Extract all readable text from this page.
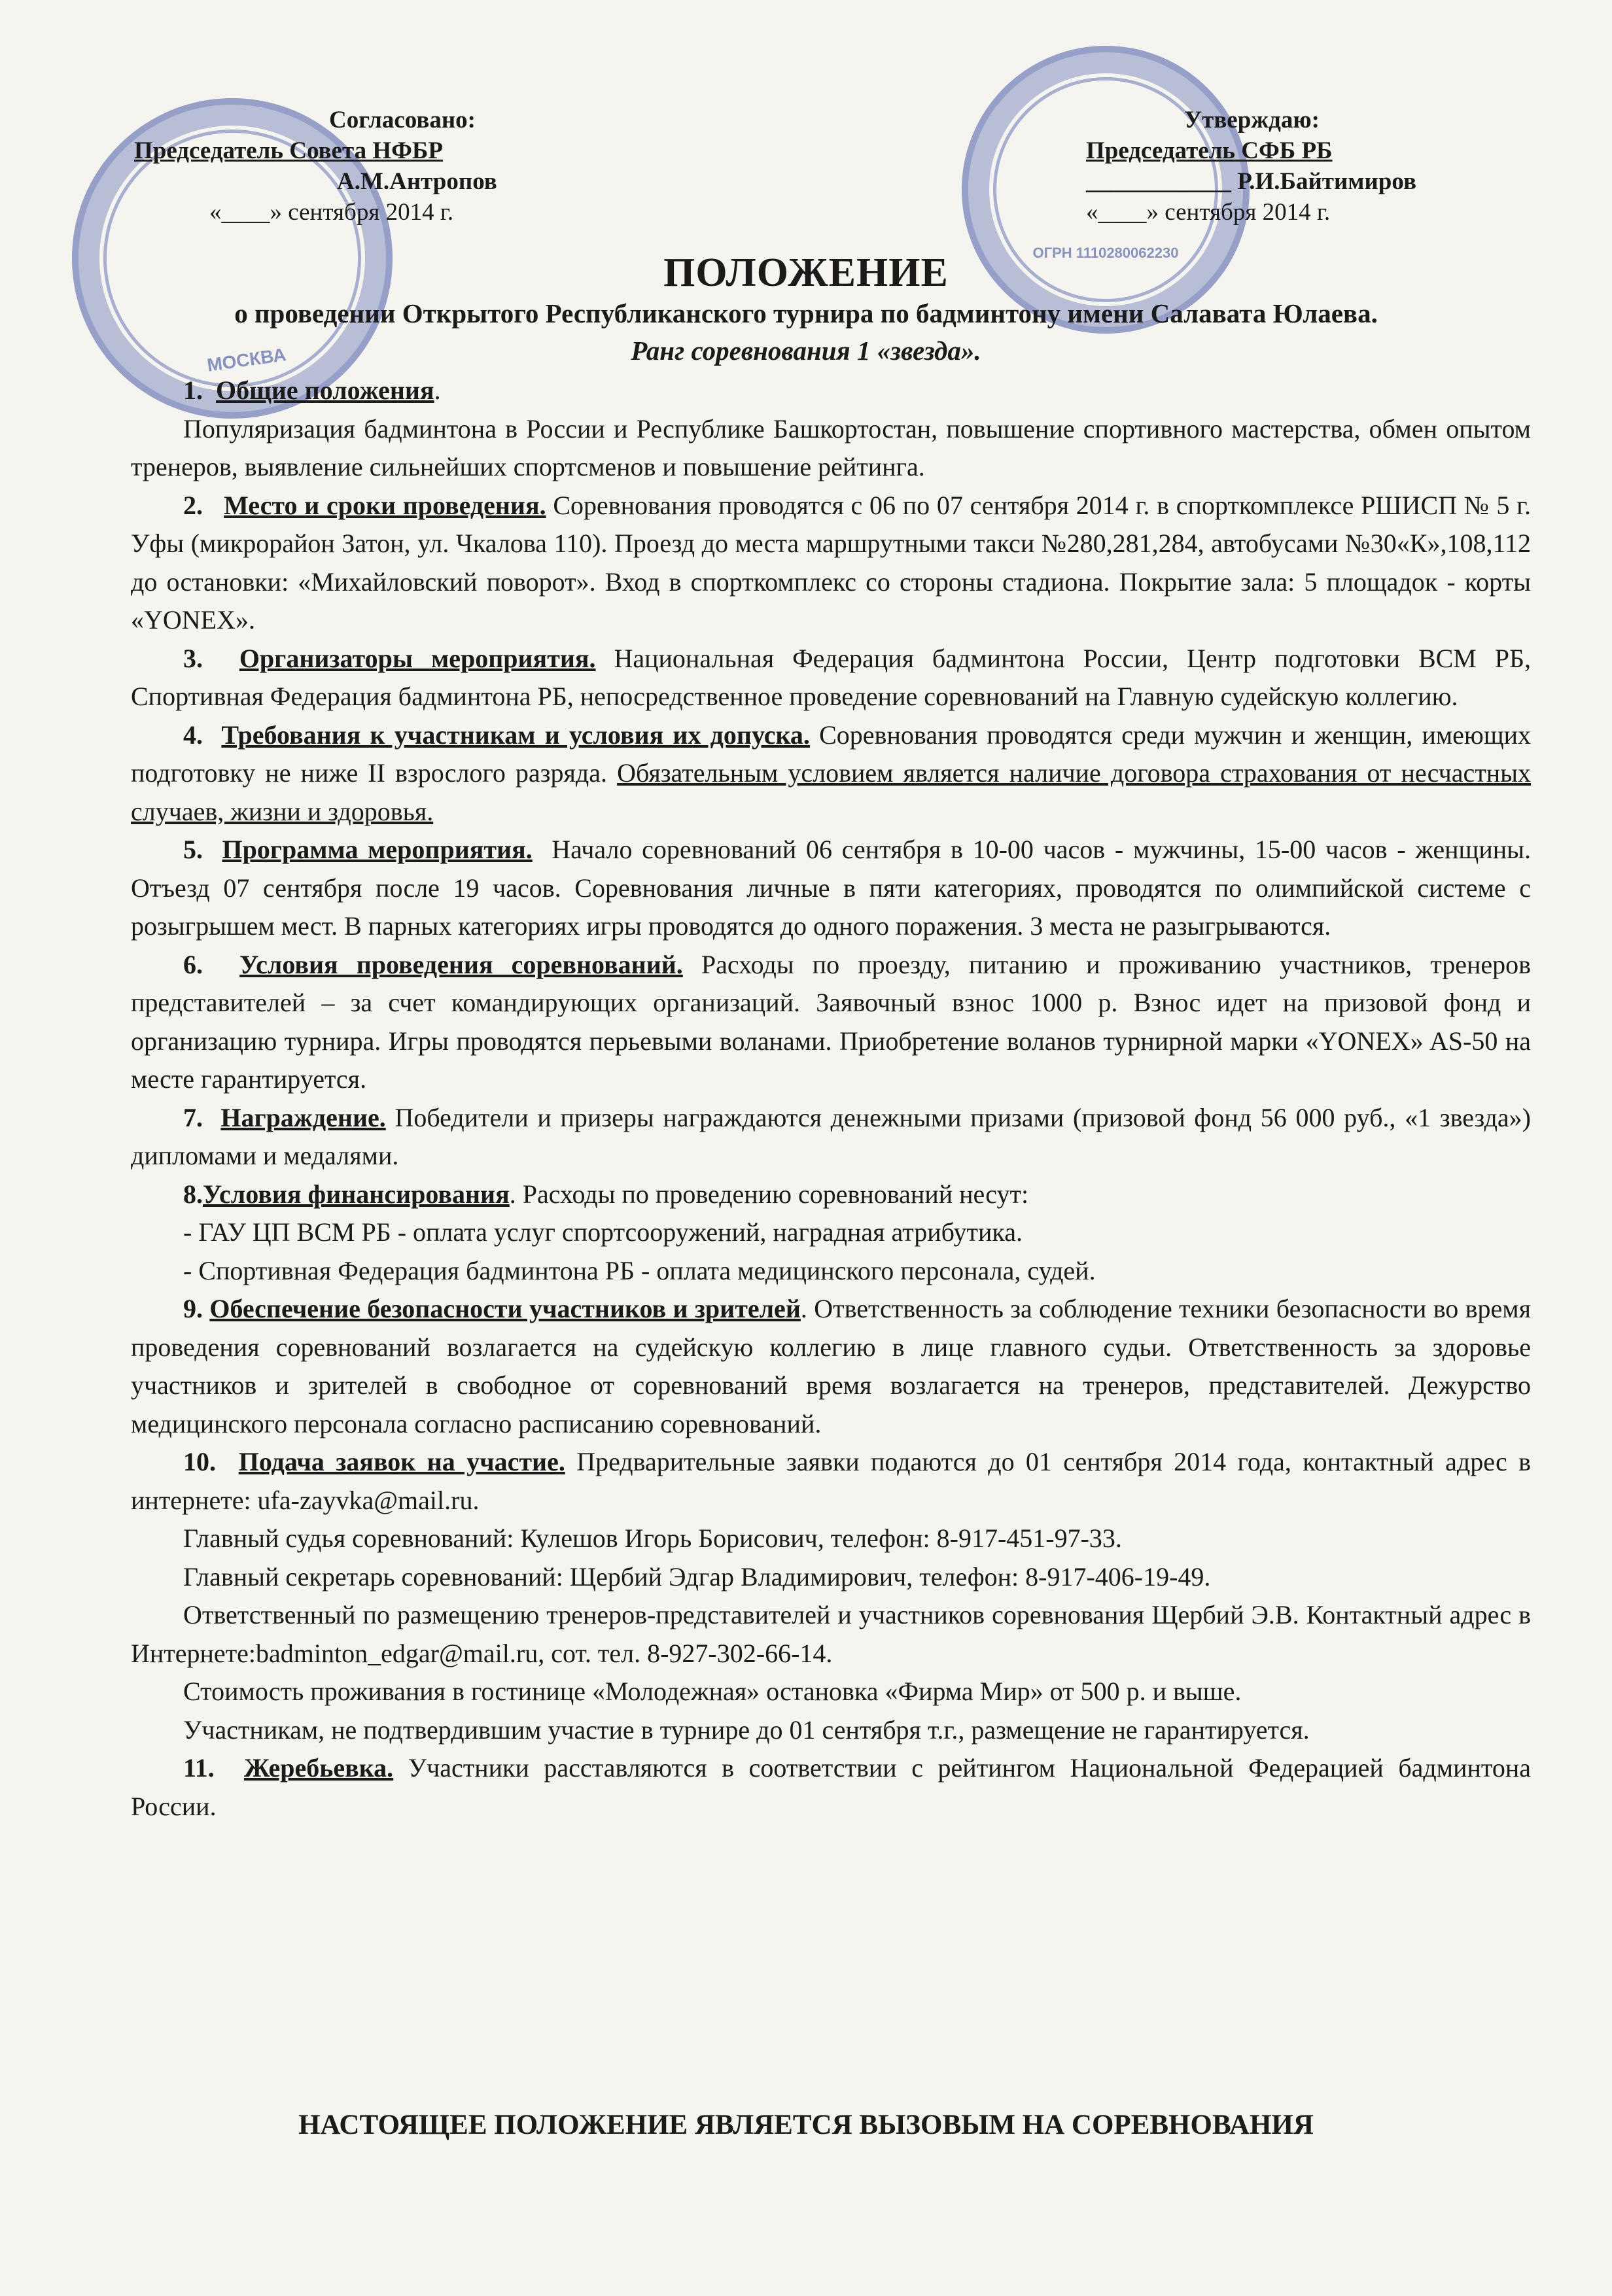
МОСКВА
ОГРН 1110280062230
Согласовано:
Председатель Совета НФБР
А.М.Антропов
«____» сентября 2014 г.
Утверждаю:
Председатель СФБ РБ
____________ Р.И.Байтимиров
«____» сентября 2014 г.
ПОЛОЖЕНИЕ
о проведении Открытого Республиканского турнира по бадминтону имени Салавата Юлаева.
Ранг соревнования 1 «звезда».

1. Общие положения.

Популяризация бадминтона в России и Республике Башкортостан, повышение спортивного мастерства, обмен опытом тренеров, выявление сильнейших спортсменов и повышение рейтинга.

2. Место и сроки проведения. Соревнования проводятся с 06 по 07 сентября 2014 г. в спорткомплексе РШИСП № 5 г. Уфы (микрорайон Затон, ул. Чкалова 110). Проезд до места маршрутными такси №280,281,284, автобусами №30«К»,108,112 до остановки: «Михайловский поворот». Вход в спорткомплекс со стороны стадиона. Покрытие зала: 5 площадок - корты «YONEX».

3. Организаторы мероприятия. Национальная Федерация бадминтона России, Центр подготовки ВСМ РБ, Спортивная Федерация бадминтона РБ, непосредственное проведение соревнований на Главную судейскую коллегию.

4. Требования к участникам и условия их допуска. Соревнования проводятся среди мужчин и женщин, имеющих подготовку не ниже II взрослого разряда. Обязательным условием является наличие договора страхования от несчастных случаев, жизни и здоровья.

5. Программа мероприятия. Начало соревнований 06 сентября в 10-00 часов - мужчины, 15-00 часов - женщины. Отъезд 07 сентября после 19 часов. Соревнования личные в пяти категориях, проводятся по олимпийской системе с розыгрышем мест. В парных категориях игры проводятся до одного поражения. 3 места не разыгрываются.

6. Условия проведения соревнований. Расходы по проезду, питанию и проживанию участников, тренеров представителей – за счет командирующих организаций. Заявочный взнос 1000 р. Взнос идет на призовой фонд и организацию турнира. Игры проводятся перьевыми воланами. Приобретение воланов турнирной марки «YONEX» AS-50 на месте гарантируется.

7. Награждение. Победители и призеры награждаются денежными призами (призовой фонд 56 000 руб., «1 звезда») дипломами и медалями.

8.Условия финансирования. Расходы по проведению соревнований несут:

- ГАУ ЦП ВСМ РБ - оплата услуг спортсооружений, наградная атрибутика.

- Спортивная Федерация бадминтона РБ - оплата медицинского персонала, судей.

9. Обеспечение безопасности участников и зрителей. Ответственность за соблюдение техники безопасности во время проведения соревнований возлагается на судейскую коллегию в лице главного судьи. Ответственность за здоровье участников и зрителей в свободное от соревнований время возлагается на тренеров, представителей. Дежурство медицинского персонала согласно расписанию соревнований.

10. Подача заявок на участие. Предварительные заявки подаются до 01 сентября 2014 года, контактный адрес в интернете: ufa-zayvka@mail.ru.

Главный судья соревнований: Кулешов Игорь Борисович, телефон: 8-917-451-97-33.

Главный секретарь соревнований: Щербий Эдгар Владимирович, телефон: 8-917-406-19-49.

Ответственный по размещению тренеров-представителей и участников соревнования Щербий Э.В. Контактный адрес в Интернете:badminton_edgar@mail.ru, сот. тел. 8-927-302-66-14.

Стоимость проживания в гостинице «Молодежная» остановка «Фирма Мир» от 500 р. и выше.

Участникам, не подтвердившим участие в турнире до 01 сентября т.г., размещение не гарантируется.

11. Жеребьевка. Участники расставляются в соответствии с рейтингом Национальной Федерацией бадминтона России.

НАСТОЯЩЕЕ ПОЛОЖЕНИЕ ЯВЛЯЕТСЯ ВЫЗОВЫМ НА СОРЕВНОВАНИЯ
